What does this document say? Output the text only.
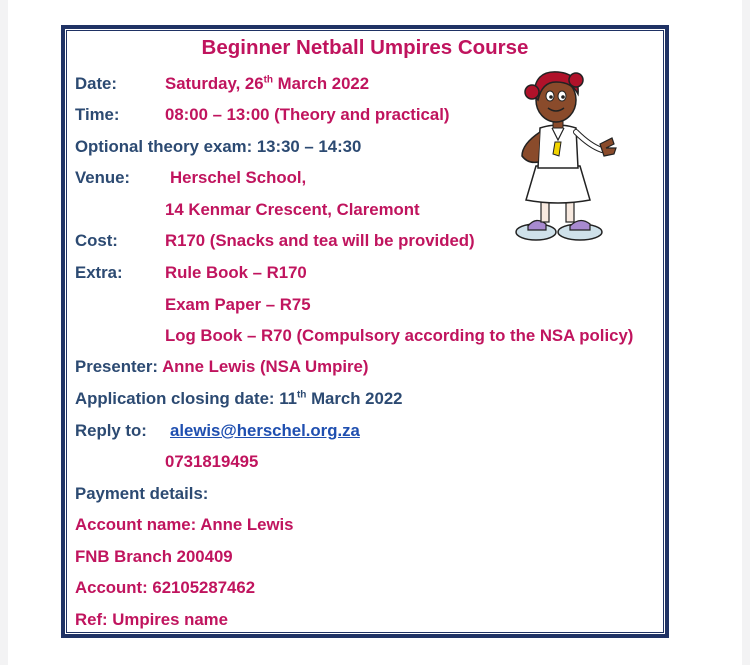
Beginner Netball Umpires Course
Date:	Saturday, 26th March 2022
Time:	08:00 – 13:00 (Theory and practical)
Optional theory exam: 13:30 – 14:30
Venue: Herschel School,
14 Kenmar Crescent, Claremont
Cost:	R170 (Snacks and tea will be provided)
Extra:	Rule Book – R170
Exam Paper – R75
Log Book – R70 (Compulsory according to the NSA policy)
Presenter: Anne Lewis (NSA Umpire)
Application closing date: 11th March 2022
Reply to: alewis@herschel.org.za
0731819495
Payment details:
Account name: Anne Lewis
FNB Branch 200409
Account: 62105287462
Ref: Umpires name
